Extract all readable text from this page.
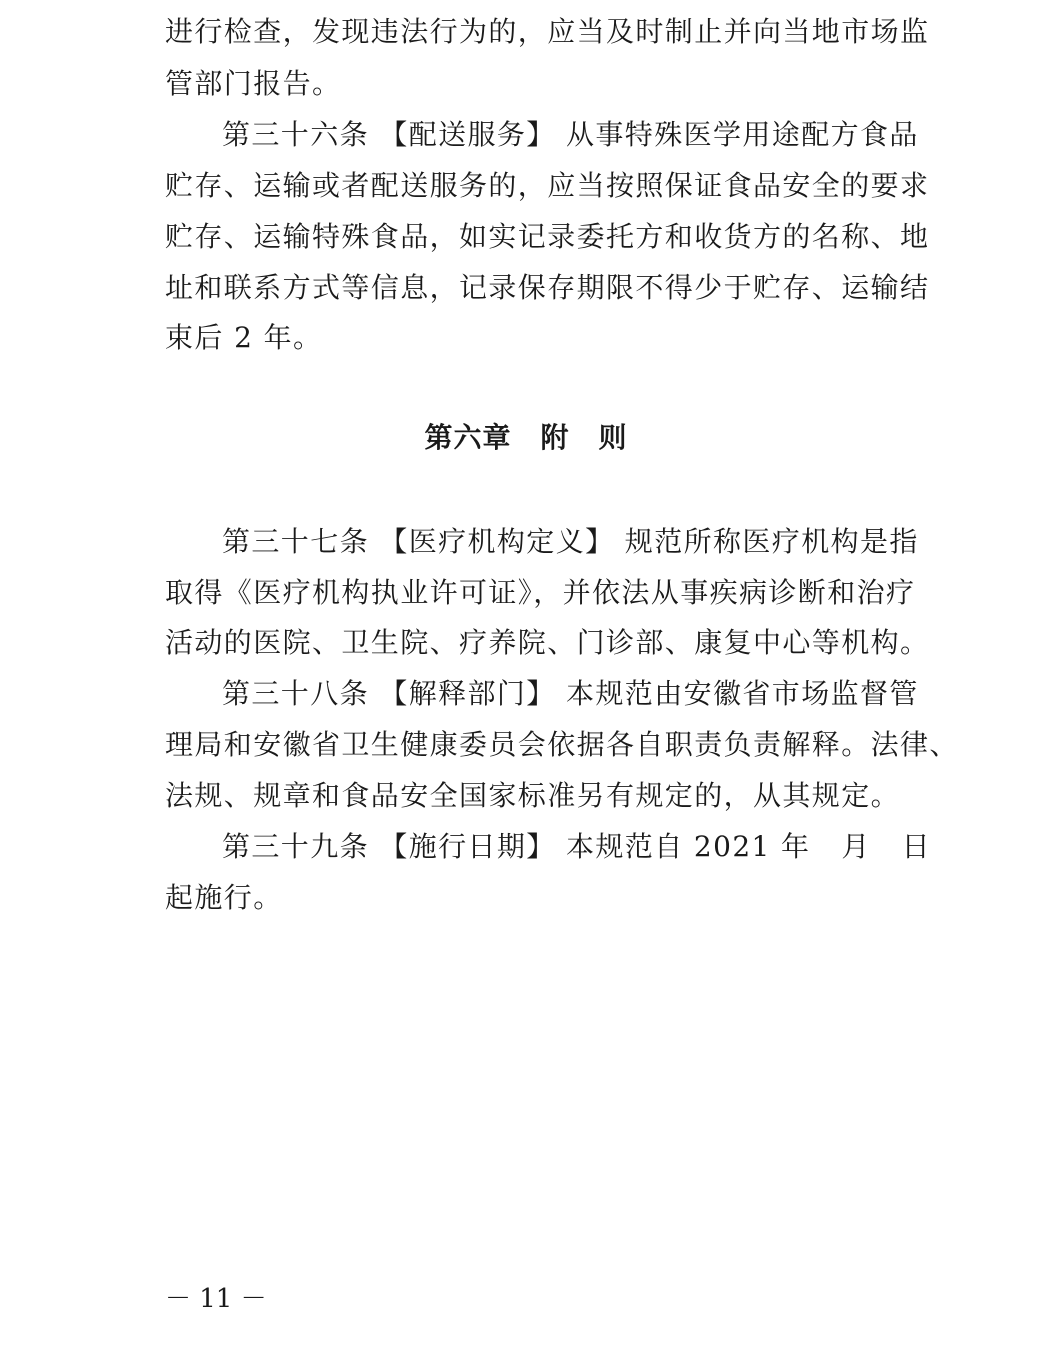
进行检查，发现违法行为的，应当及时制止并向当地市场监
管部门报告。
第三十六条 【配送服务】 从事特殊医学用途配方食品
贮存、运输或者配送服务的，应当按照保证食品安全的要求
贮存、运输特殊食品，如实记录委托方和收货方的名称、地
址和联系方式等信息，记录保存期限不得少于贮存、运输结
束后 2 年。
第六章　附　则
第三十七条 【医疗机构定义】 规范所称医疗机构是指
取得《医疗机构执业许可证》，并依法从事疾病诊断和治疗
活动的医院、卫生院、疗养院、门诊部、康复中心等机构。
第三十八条 【解释部门】 本规范由安徽省市场监督管
理局和安徽省卫生健康委员会依据各自职责负责解释。法律、
法规、规章和食品安全国家标准另有规定的，从其规定。
第三十九条 【施行日期】 本规范自 2021 年   月   日
起施行。
－ 11 －
